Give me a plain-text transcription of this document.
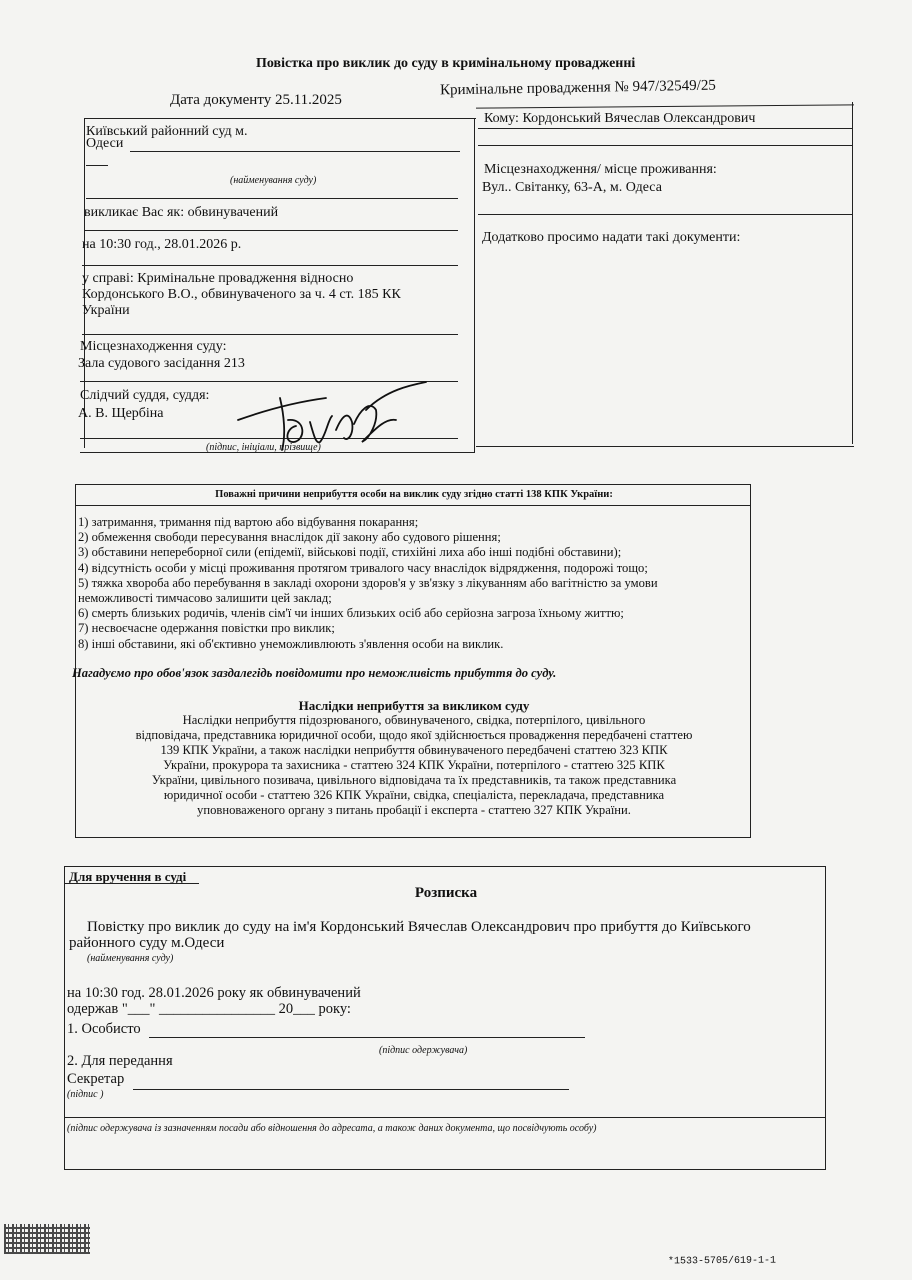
Повістка про виклик до суду в кримінальному провадженні
Дата документу 25.11.2025
Кримінальне провадження № 947/32549/25
Київський районний суд м.
Одеси
(найменування суду)
викликає Вас як: обвинувачений
на 10:30 год., 28.01.2026 р.
у справі: Кримінальне провадження відносно
Кордонського В.О., обвинуваченого за ч. 4 ст. 185 КК
України
Місцезнаходження суду:
Зала судового засідання 213
Слідчий суддя, суддя:
А. В. Щербіна
(підпис, ініціали, прізвище)
Кому: Кордонський Вячеслав Олександрович
Місцезнаходження/ місце проживання:
Вул.. Світанку, 63-А, м. Одеса
Додатково просимо надати такі документи:
Поважні причини неприбуття особи на виклик суду згідно статті 138 КПК України:
1) затримання, тримання під вартою або відбування покарання;
2) обмеження свободи пересування внаслідок дії закону або судового рішення;
3) обставини непереборної сили (епідемії, військові події, стихійні лиха або інші подібні обставини);
4) відсутність особи у місці проживання протягом тривалого часу внаслідок відрядження, подорожі тощо;
5) тяжка хвороба або перебування в закладі охорони здоров'я у зв'язку з лікуванням або вагітністю за умови
неможливості тимчасово залишити цей заклад;
6) смерть близьких родичів, членів сім'ї чи інших близьких осіб або серйозна загроза їхньому життю;
7) несвоєчасне одержання повістки про виклик;
8) інші обставини, які об'єктивно унеможливлюють з'явлення особи на виклик.
Нагадуємо про обов'язок заздалегідь повідомити про неможливість прибуття до суду.
Наслідки неприбуття за викликом суду
Наслідки неприбуття підозрюваного, обвинуваченого, свідка, потерпілого, цивільного
відповідача, представника юридичної особи, щодо якої здійснюється провадження передбачені статтею
139 КПК України, а також наслідки неприбуття обвинуваченого передбачені статтею 323 КПК
України, прокурора та захисника - статтею 324 КПК України, потерпілого - статтею 325 КПК
України, цивільного позивача, цивільного відповідача та їх представників, та також представника
юридичної особи - статтею 326 КПК України, свідка, спеціаліста, перекладача, представника
уповноваженого органу з питань пробації і експерта - статтею 327 КПК України.
Для вручення в суді
Розписка
Повістку про виклик до суду на ім'я Кордонський Вячеслав Олександрович про прибуття до Київського
районного суду м.Одеси
(найменування суду)
на 10:30 год. 28.01.2026 року як обвинувачений
одержав "___" ________________ 20___ року:
1. Особисто
(підпис одержувача)
2. Для передання
Секретар
(підпис )
(підпис одержувача із зазначенням посади або відношення до адресата, а також даних документа, що посвідчують особу)
*1533-5705/619-1-1
